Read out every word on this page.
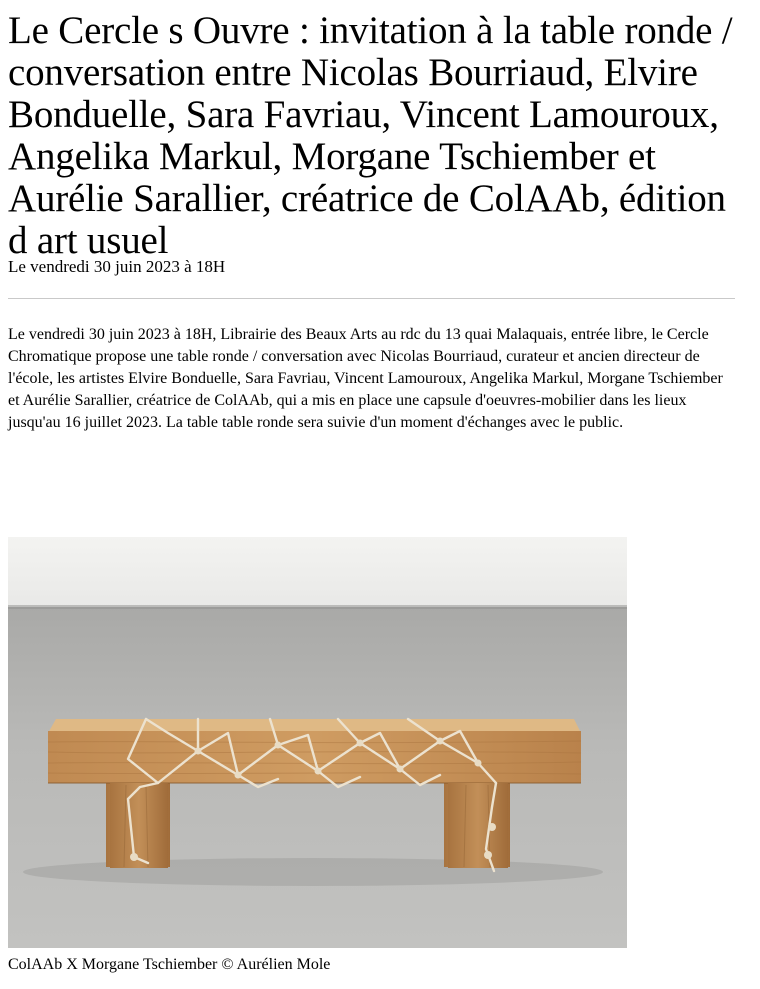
Le Cercle s Ouvre : invitation à la table ronde / conversation entre Nicolas Bourriaud, Elvire Bonduelle, Sara Favriau, Vincent Lamouroux, Angelika Markul, Morgane Tschiember et Aurélie Sarallier, créatrice de ColAAb, édition d art usuel
Le vendredi 30 juin 2023 à 18H

Le vendredi 30 juin 2023 à 18H, Librairie des Beaux Arts au rdc du 13 quai Malaquais, entrée libre, le Cercle Chromatique propose une table ronde / conversation avec Nicolas Bourriaud, curateur et ancien directeur de l'école, les artistes Elvire Bonduelle, Sara Favriau, Vincent Lamouroux, Angelika Markul, Morgane Tschiember et Aurélie Sarallier, créatrice de ColAAb, qui a mis en place une capsule d'oeuvres-mobilier dans les lieux jusqu'au 16 juillet 2023. La table table ronde sera suivie d'un moment d'échanges avec le public.

ColAAb X Morgane Tschiember © Aurélien Mole
